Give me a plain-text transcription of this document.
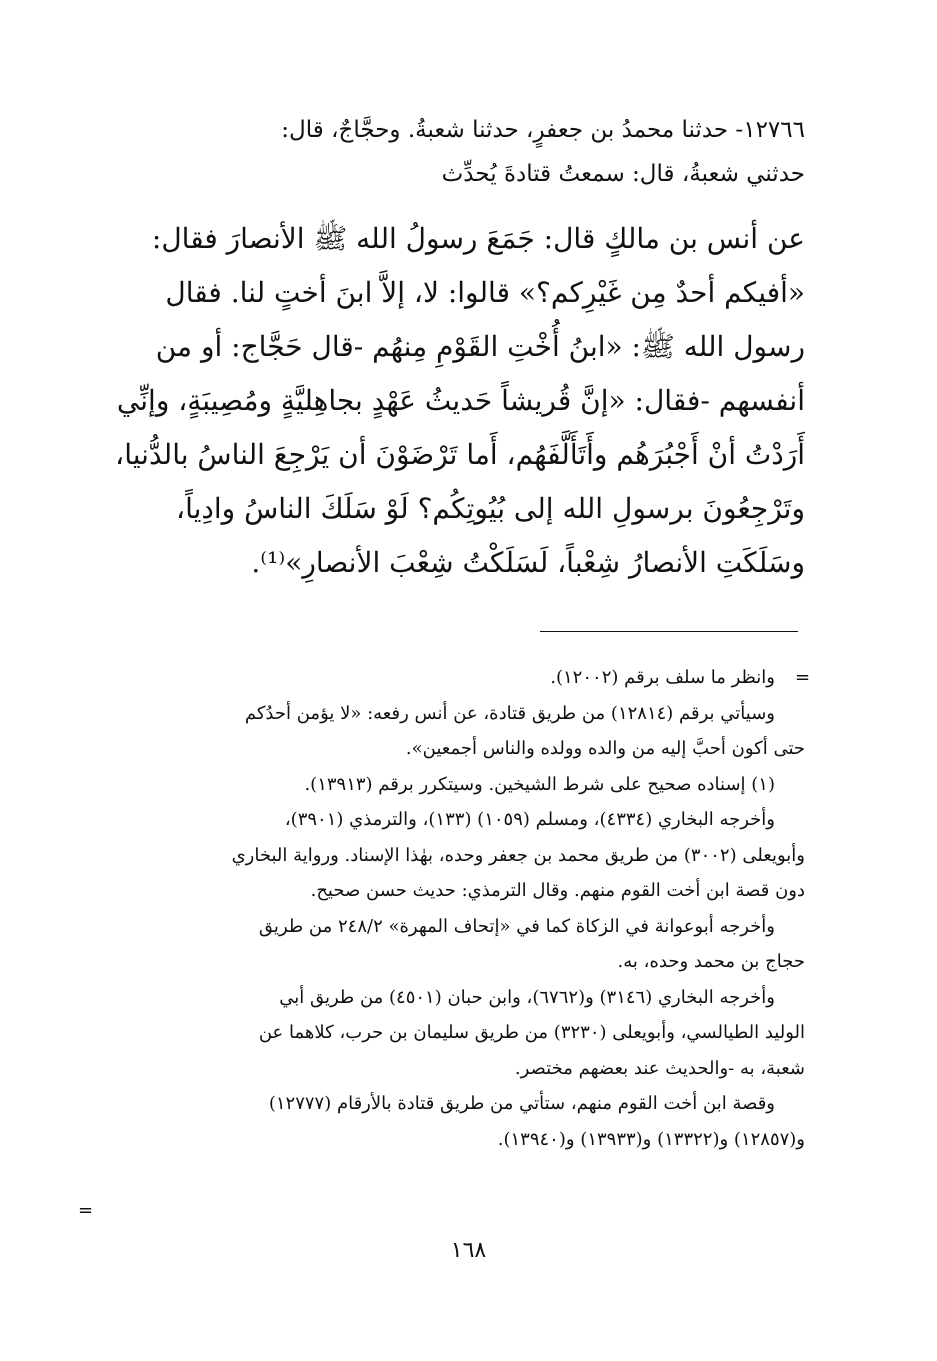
١٢٧٦٦- حدثنا محمدُ بن جعفرٍ، حدثنا شعبةُ. وحجَّاجٌ، قال:
حدثني شعبةُ، قال: سمعتُ قتادةَ يُحدِّث
عن أنس بن مالكٍ قال: جَمَعَ رسولُ الله ﷺ الأنصارَ فقال:
«أفيكم أحدٌ مِن غَيْرِكم؟» قالوا: لا، إلاَّ ابنَ أختٍ لنا. فقال
رسول الله ﷺ: «ابنُ أُخْتِ القَوْمِ مِنهُم -قال حَجَّاج: أو من
أنفسهم -فقال: «إنَّ قُريشاً حَديثُ عَهْدٍ بجاهِليَّةٍ ومُصِيبَةٍ، وإنِّي
أَرَدْتُ أنْ أَجْبُرَهُم وأَتَأَلَّفَهُم، أَما تَرْضَوْنَ أن يَرْجِعَ الناسُ بالدُّنيا،
وتَرْجِعُونَ برسولِ الله إلى بُيُوتِكُم؟ لَوْ سَلَكَ الناسُ وادِياً،
وسَلَكَتِ الأنصارُ شِعْباً، لَسَلَكْتُ شِعْبَ الأنصارِ»⁽¹⁾.
=
وانظر ما سلف برقم (١٢٠٠٢).
وسيأتي برقم (١٢٨١٤) من طريق قتادة، عن أنس رفعه: «لا يؤمن أحدُكم
حتى أكون أحبَّ إليه من والده وولده والناس أجمعين».
(١) إسناده صحيح على شرط الشيخين. وسيتكرر برقم (١٣٩١٣).
وأخرجه البخاري (٤٣٣٤)، ومسلم (١٠٥٩) (١٣٣)، والترمذي (٣٩٠١)،
وأبويعلى (٣٠٠٢) من طريق محمد بن جعفر وحده، بهٰذا الإسناد. ورواية البخاري
دون قصة ابن أخت القوم منهم. وقال الترمذي: حديث حسن صحيح.
وأخرجه أبوعوانة في الزكاة كما في «إتحاف المهرة» ٢٤٨/٢ من طريق
حجاج بن محمد وحده، به.
وأخرجه البخاري (٣١٤٦) و(٦٧٦٢)، وابن حبان (٤٥٠١) من طريق أبي
الوليد الطيالسي، وأبويعلى (٣٢٣٠) من طريق سليمان بن حرب، كلاهما عن
شعبة، به -والحديث عند بعضهم مختصر.
وقصة ابن أخت القوم منهم، ستأتي من طريق قتادة بالأرقام (١٢٧٧٧)
و(١٢٨٥٧) و(١٣٣٢٢) و(١٣٩٣٣) و(١٣٩٤٠).
=
١٦٨
